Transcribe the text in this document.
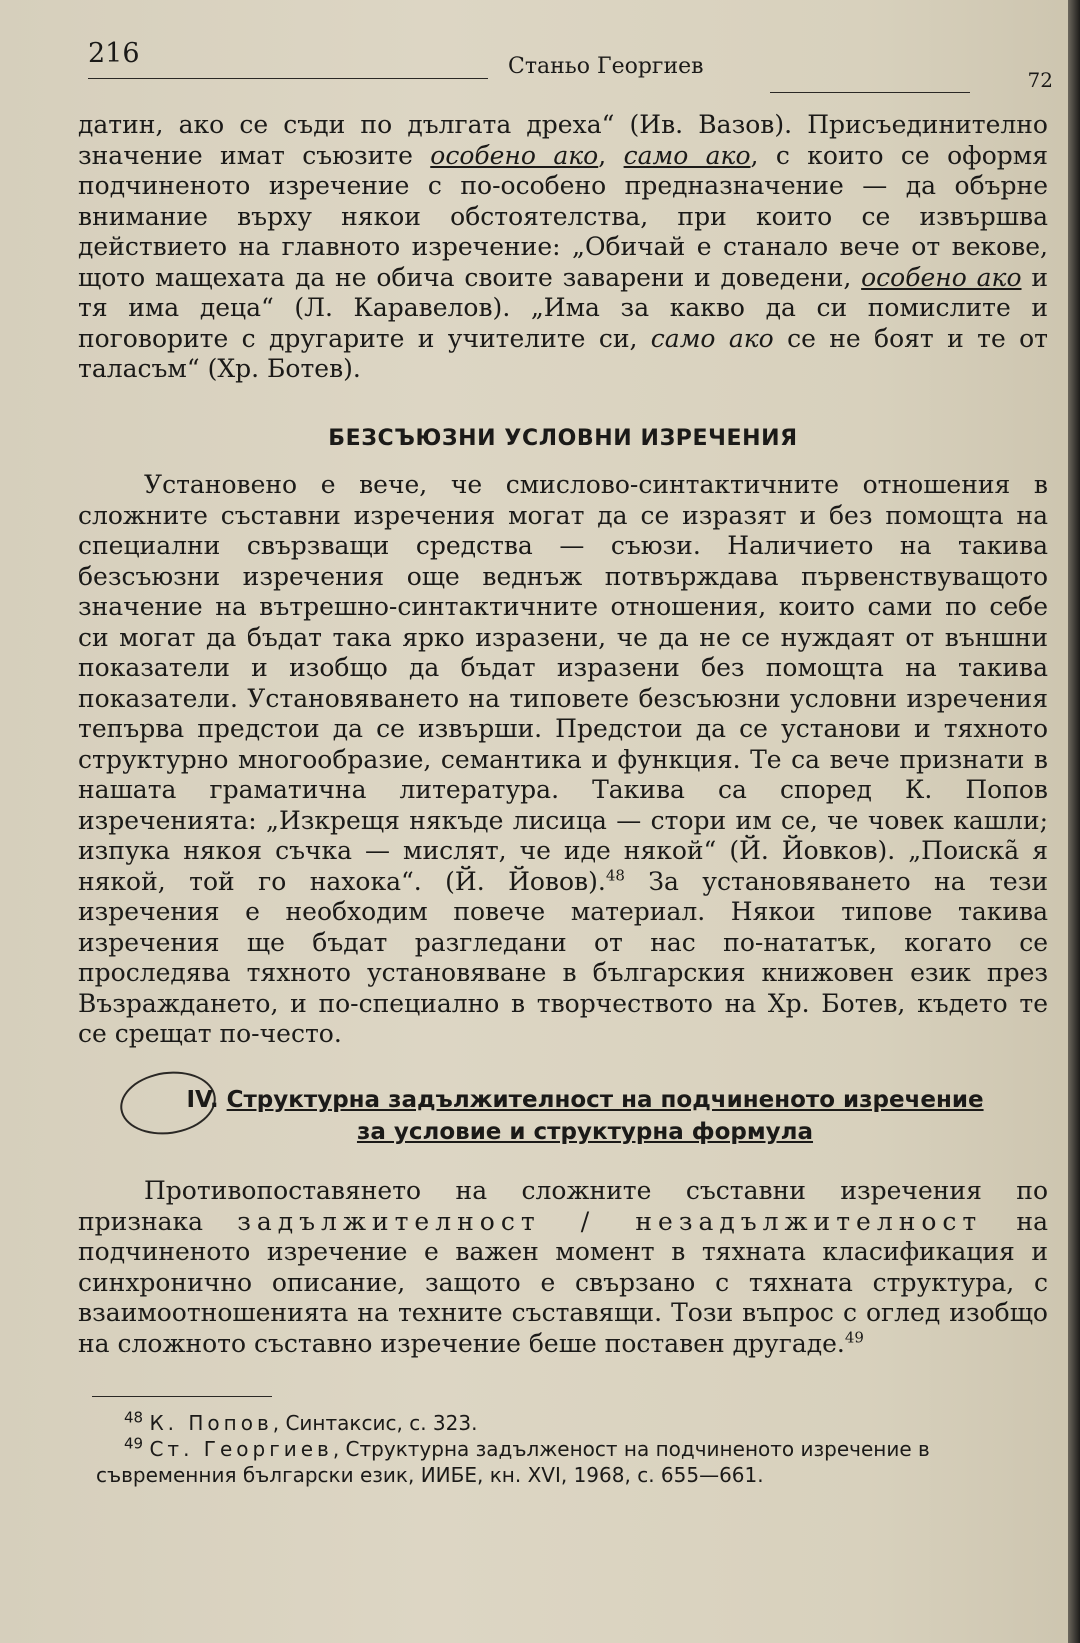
216	Станьо Георгиев
72

датин, ако се съди по дългата дреха“ (Ив. Вазов). Присъединително значение имат съюзите особено ако, само ако, с които се оформя подчиненото изречение с по-особено предназначение — да обърне внимание върху някои обстоятелства, при които се извършва действието на главното изречение: „Обичай е станало вече от векове, щото мащехата да не обича своите заварени и доведени, особено ако и тя има деца“ (Л. Каравелов). „Има за какво да си помислите и поговорите с другарите и учителите си, само ако се не боят и те от таласъм“ (Хр. Ботев).

БЕЗСЪЮЗНИ УСЛОВНИ ИЗРЕЧЕНИЯ

Установено е вече, че смислово-синтактичните отношения в сложните съставни изречения могат да се изразят и без помощта на специални свързващи средства — съюзи. Наличието на такива безсъюзни изречения още веднъж потвърждава първенствуващото значение на вътрешно-синтактичните отношения, които сами по себе си могат да бъдат така ярко изразени, че да не се нуждаят от външни показатели и изобщо да бъдат изразени без помощта на такива показатели. Установяването на типовете безсъюзни условни изречения тепърва предстои да се извърши. Предстои да се установи и тяхното структурно многообразие, семантика и функция. Те са вече признати в нашата граматична литература. Такива са според К. Попов изреченията: „Изкрещя някъде лисица — стори им се, че човек кашли; изпука някоя съчка — мислят, че иде някой“ (Й. Йовков). „Поискã я някой, той го нахока“. (Й. Йовов).$^{48}$ За установяването на тези изречения е необходим повече материал. Някои типове такива изречения ще бъдат разгледани от нас по-нататък, когато се проследява тяхното установяване в българския книжовен език през Възраждането, и по-специално в творчеството на Хр. Ботев, където те се срещат по-често.

IV. Структурна задължителност на подчиненото изречение
за условие и структурна формула

Противопоставянето на сложните съставни изречения по признака задължителност / незадължителност на подчиненото изречение е важен момент в тяхната класификация и синхронично описание, защото е свързано с тяхната структура, с взаимоотношенията на техните съставящи. Този въпрос с оглед изобщо на сложното съставно изречение беше поставен другаде.$^{49}$

$^{48}$ К. Попов, Синтаксис, с. 323.

$^{49}$ Ст. Георгиев, Структурна задълженост на подчиненото изречение в съвременния български език, ИИБЕ, кн. XVI, 1968, с. 655—661.
